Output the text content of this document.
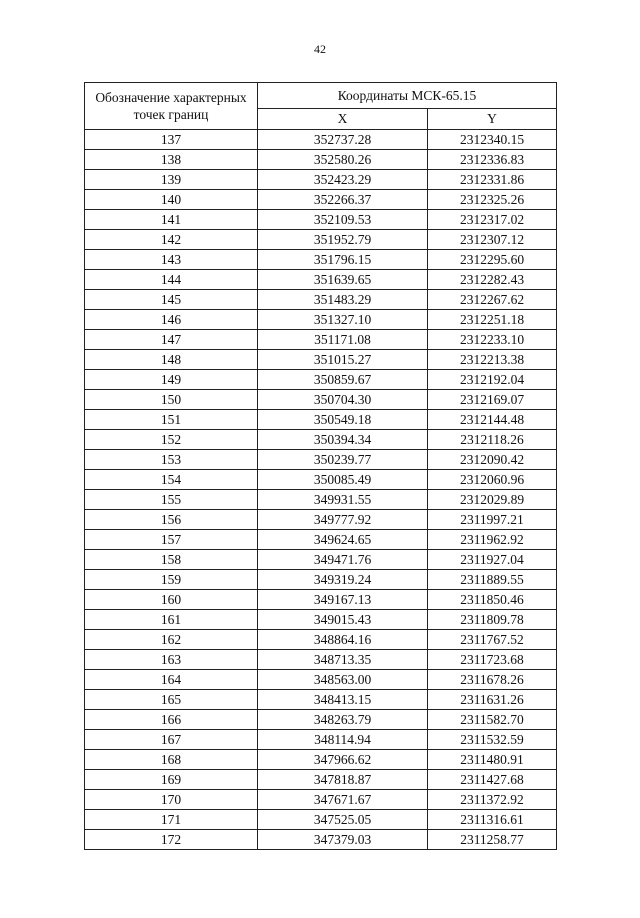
42
Обозначение характерных точек границ	Координаты МСК-65.15	
	X	Y
137	352737.28	2312340.15
138	352580.26	2312336.83
139	352423.29	2312331.86
140	352266.37	2312325.26
141	352109.53	2312317.02
142	351952.79	2312307.12
143	351796.15	2312295.60
144	351639.65	2312282.43
145	351483.29	2312267.62
146	351327.10	2312251.18
147	351171.08	2312233.10
148	351015.27	2312213.38
149	350859.67	2312192.04
150	350704.30	2312169.07
151	350549.18	2312144.48
152	350394.34	2312118.26
153	350239.77	2312090.42
154	350085.49	2312060.96
155	349931.55	2312029.89
156	349777.92	2311997.21
157	349624.65	2311962.92
158	349471.76	2311927.04
159	349319.24	2311889.55
160	349167.13	2311850.46
161	349015.43	2311809.78
162	348864.16	2311767.52
163	348713.35	2311723.68
164	348563.00	2311678.26
165	348413.15	2311631.26
166	348263.79	2311582.70
167	348114.94	2311532.59
168	347966.62	2311480.91
169	347818.87	2311427.68
170	347671.67	2311372.92
171	347525.05	2311316.61
172	347379.03	2311258.77
